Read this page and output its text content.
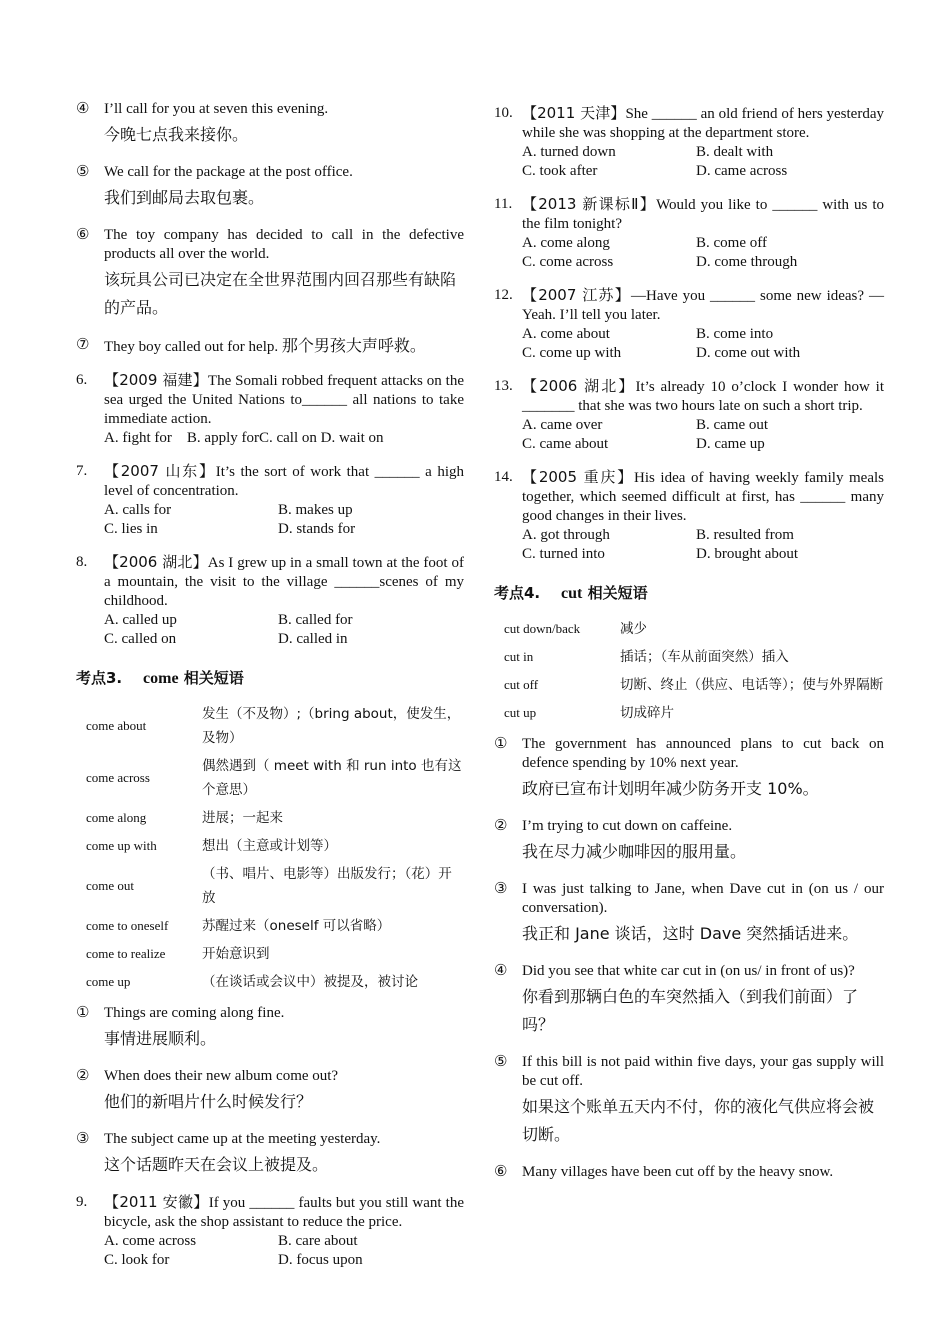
④ I’ll call for you at seven this evening.
今晚七点我来接你。
⑤ We call for the package at the post office.
我们到邮局去取包裹。
⑥ The toy company has decided to call in the defective products all over the world.
该玩具公司已决定在全世界范围内回召那些有缺陷的产品。
⑦ They boy called out for help. 那个男孩大声呼救。
6.	【2009 福建】The Somali robbed frequent attacks on the sea urged the United Nations to______ all nations to take immediate action.
A. fight for    B. apply forC. call on D. wait on
7.	【2007 山东】It’s the sort of work that ______ a high level of concentration.
A. calls for	B. makes up
C. lies in	D. stands for
8.	【2006 湖北】As I grew up in a small town at the foot of a mountain, the visit to the village ______scenes of my childhood.
A. called up	B. called for
C. called on	D. called in
考点3. come 相关短语
come about	发生（不及物）;（bring about，使发生，及物）
come across	偶然遇到（ meet with 和 run into 也有这个意思）
come along	进展；一起来
come up with	想出（主意或计划等）
come out	（书、唱片、电影等）出版发行；（花）开放
come to oneself	苏醒过来（oneself 可以省略）
come to realize	开始意识到
come up	（在谈话或会议中）被提及，被讨论
① Things are coming along fine.
事情进展顺利。
② When does their new album come out?
他们的新唱片什么时候发行？
③ The subject came up at the meeting yesterday.
这个话题昨天在会议上被提及。
9.	【2011 安徽】If you ______ faults but you still want the bicycle, ask the shop assistant to reduce the price.
A. come across	B. care about
C. look for	D. focus upon
10. 【2011 天津】She ______ an old friend of hers yesterday while she was shopping at the department store.
A. turned down	B. dealt with
C. took after	D. came across
11. 【2013 新课标Ⅱ】Would you like to ______ with us to the film tonight?
A. come along	B. come off
C. come across	D. come through
12. 【2007 江苏】—Have you ______ some new ideas? —Yeah. I’ll tell you later.
A. come about	B. come into
C. come up with	D. come out with
13. 【2006 湖北】It’s already 10 o’clock I wonder how it _______ that she was two hours late on such a short trip.
A. came over	B. came out
C. came about	D. came up
14. 【2005 重庆】His idea of having weekly family meals together, which seemed difficult at first, has ______ many good changes in their lives.
A. got through	B. resulted from
C. turned into	D. brought about
考点4. cut 相关短语
cut down/back	减少
cut in	插话；（车从前面突然）插入
cut off	切断、终止（供应、电话等）；使与外界隔断
cut up	切成碎片
① The government has announced plans to cut back on defence spending by 10% next year.
政府已宣布计划明年减少防务开支 10%。
② I’m trying to cut down on caffeine.
我在尽力减少咖啡因的服用量。
③ I was just talking to Jane, when Dave cut in (on us / our conversation).
我正和 Jane 谈话，这时 Dave 突然插话进来。
④ Did you see that white car cut in (on us/ in front of us)?
你看到那辆白色的车突然插入（到我们前面）了吗？
⑤ If this bill is not paid within five days, your gas supply will be cut off.
如果这个账单五天内不付，你的液化气供应将会被切断。
⑥ Many villages have been cut off by the heavy snow.
